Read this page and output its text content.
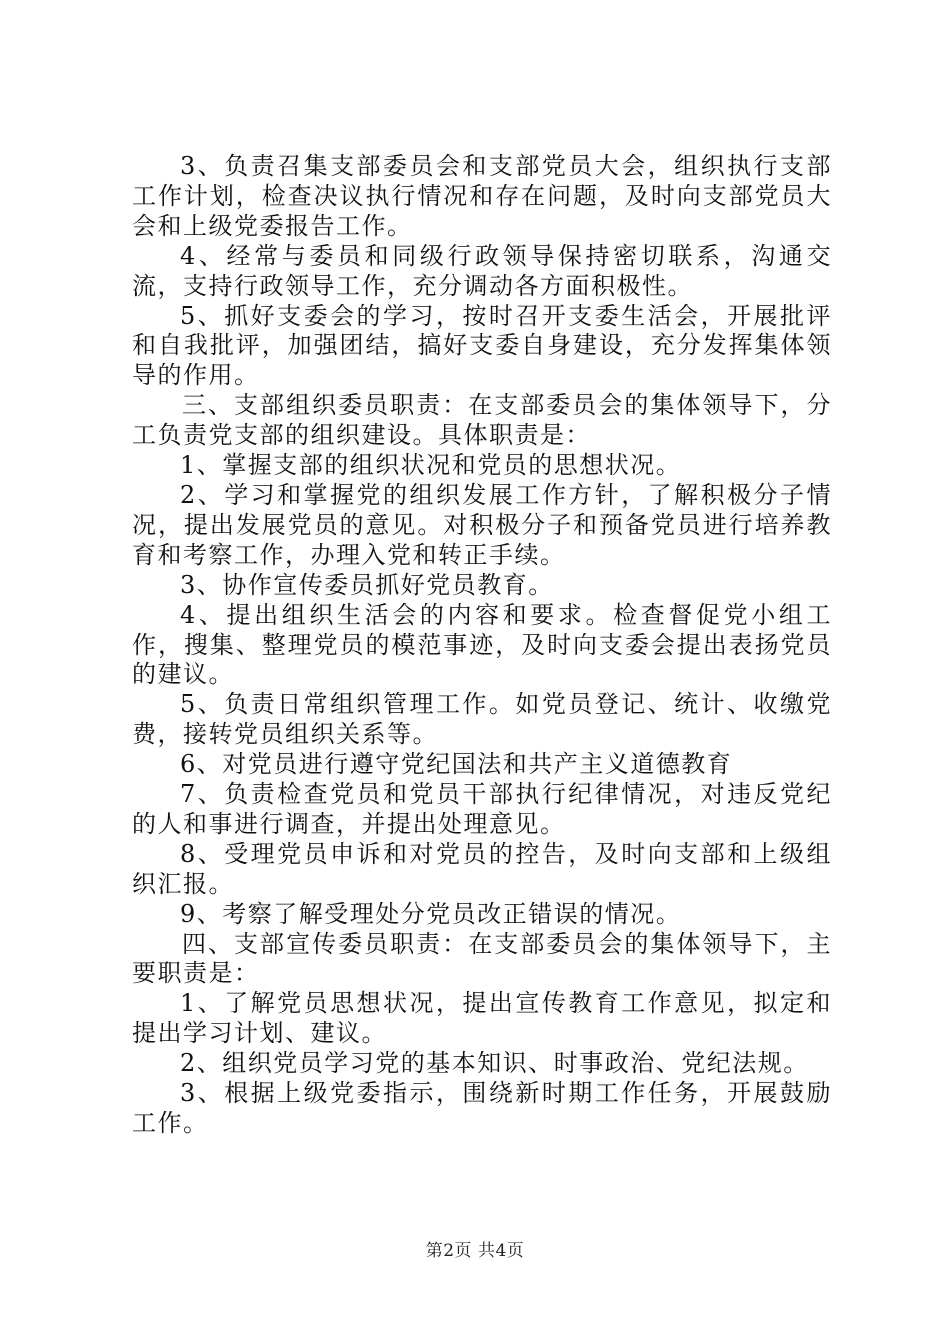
3、负责召集支部委员会和支部党员大会，组织执行支部工作计划，检查决议执行情况和存在问题，及时向支部党员大会和上级党委报告工作。

4、经常与委员和同级行政领导保持密切联系，沟通交流，支持行政领导工作，充分调动各方面积极性。

5、抓好支委会的学习，按时召开支委生活会，开展批评和自我批评，加强团结，搞好支委自身建设，充分发挥集体领导的作用。

三、支部组织委员职责：在支部委员会的集体领导下，分工负责党支部的组织建设。具体职责是：

1、掌握支部的组织状况和党员的思想状况。

2、学习和掌握党的组织发展工作方针，了解积极分子情况，提出发展党员的意见。对积极分子和预备党员进行培养教育和考察工作，办理入党和转正手续。

3、协作宣传委员抓好党员教育。

4、提出组织生活会的内容和要求。检查督促党小组工作，搜集、整理党员的模范事迹，及时向支委会提出表扬党员的建议。

5、负责日常组织管理工作。如党员登记、统计、收缴党费，接转党员组织关系等。

6、对党员进行遵守党纪国法和共产主义道德教育

7、负责检查党员和党员干部执行纪律情况，对违反党纪的人和事进行调查，并提出处理意见。

8、受理党员申诉和对党员的控告，及时向支部和上级组织汇报。

9、考察了解受理处分党员改正错误的情况。

四、支部宣传委员职责：在支部委员会的集体领导下，主要职责是：

1、了解党员思想状况，提出宣传教育工作意见，拟定和提出学习计划、建议。

2、组织党员学习党的基本知识、时事政治、党纪法规。

3、根据上级党委指示，围绕新时期工作任务，开展鼓励工作。

第2页 共4页
